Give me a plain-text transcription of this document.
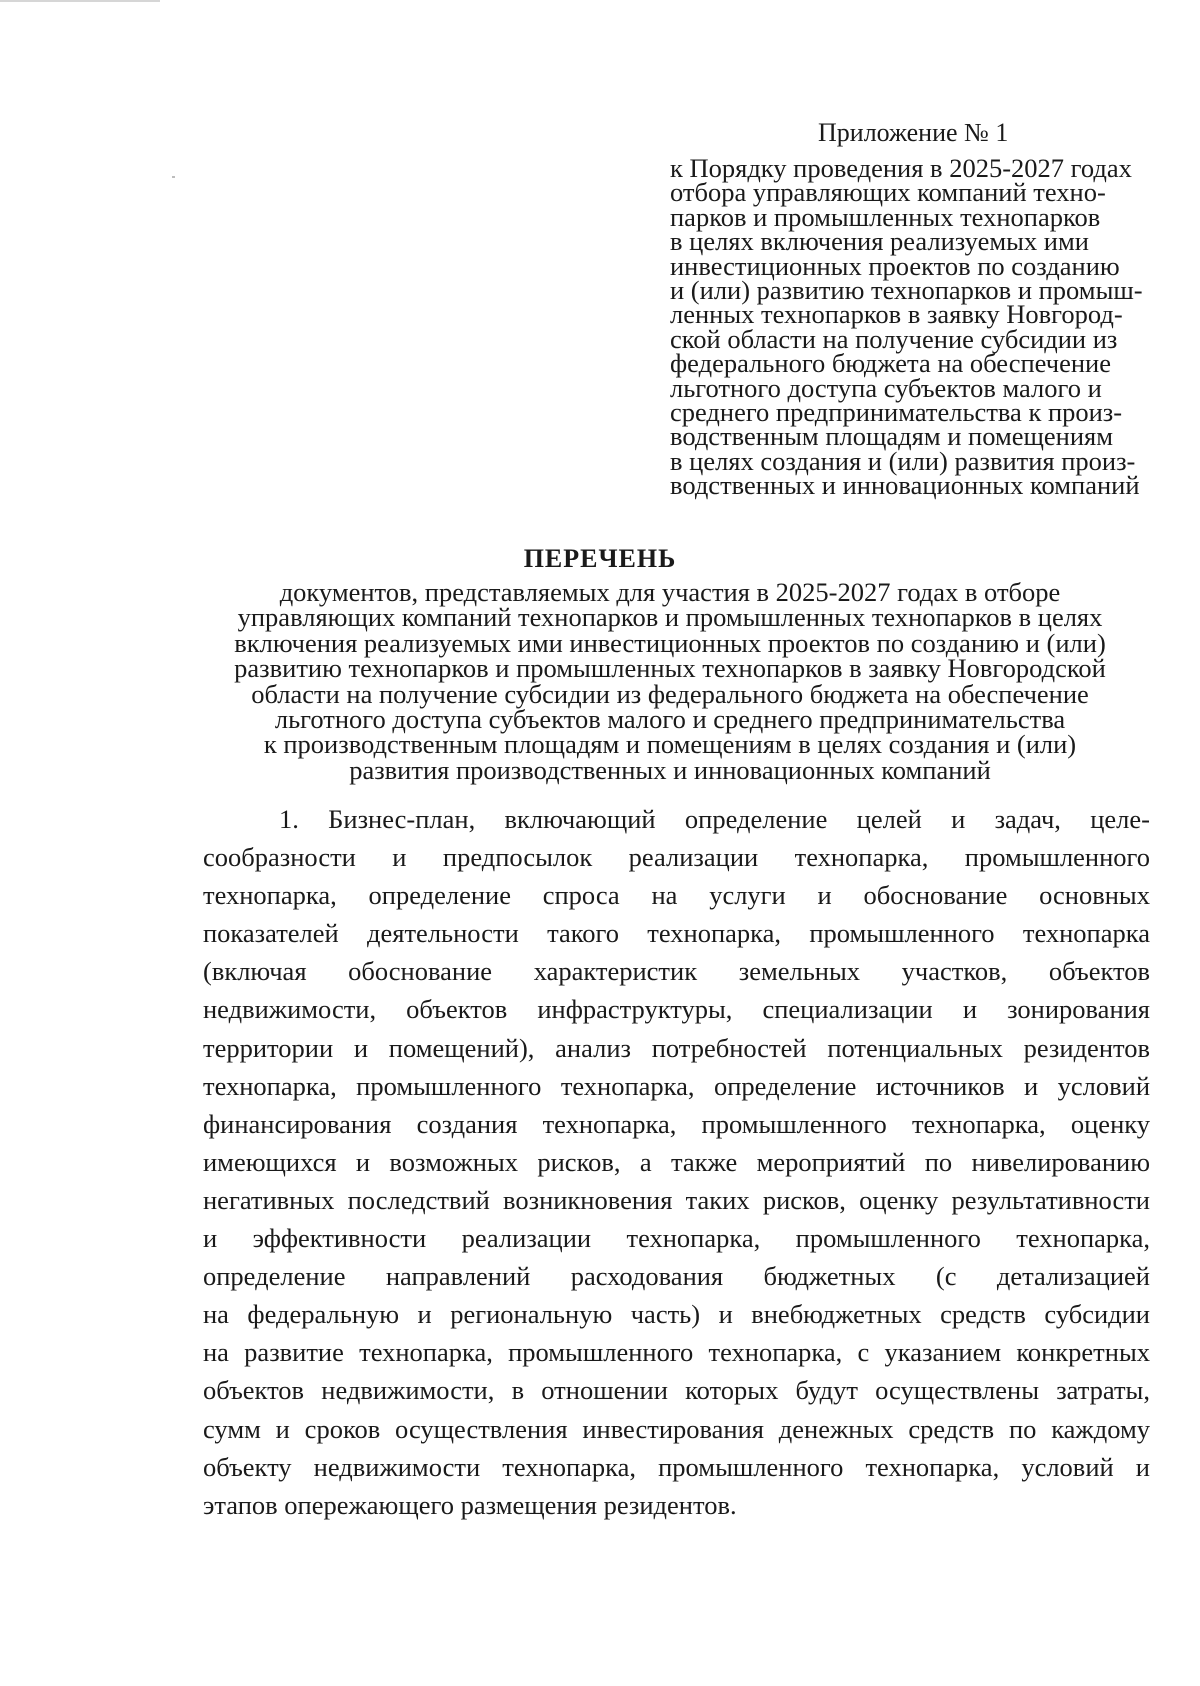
Приложение № 1
к Порядку проведения в 2025-2027 годах
отбора управляющих компаний техно-
парков и промышленных технопарков
в целях включения реализуемых ими
инвестиционных проектов по созданию
и (или) развитию технопарков и промыш-
ленных технопарков в заявку Новгород-
ской области на получение субсидии из
федерального бюджета на обеспечение
льготного доступа субъектов малого и
среднего предпринимательства к произ-
водственным площадям и помещениям
в целях создания и (или) развития произ-
водственных и инновационных компаний
ПЕРЕЧЕНЬ
документов, представляемых для участия в 2025-2027 годах в отборе
управляющих компаний технопарков и промышленных технопарков в целях
включения реализуемых ими инвестиционных проектов по созданию и (или)
развитию технопарков и промышленных технопарков в заявку Новгородской
области на получение субсидии из федерального бюджета на обеспечение
льготного доступа субъектов малого и среднего предпринимательства
к производственным площадям и помещениям в целях создания и (или)
развития производственных и инновационных компаний
1. Бизнес-план, включающий определение целей и задач, целе-
сообразности и предпосылок реализации технопарка, промышленного
технопарка, определение спроса на услуги и обоснование основных
показателей деятельности такого технопарка, промышленного технопарка
(включая обоснование характеристик земельных участков, объектов
недвижимости, объектов инфраструктуры, специализации и зонирования
территории и помещений), анализ потребностей потенциальных резидентов
технопарка, промышленного технопарка, определение источников и условий
финансирования создания технопарка, промышленного технопарка, оценку
имеющихся и возможных рисков, а также мероприятий по нивелированию
негативных последствий возникновения таких рисков, оценку результативности
и эффективности реализации технопарка, промышленного технопарка,
определение направлений расходования бюджетных (с детализацией
на федеральную и региональную часть) и внебюджетных средств субсидии
на развитие технопарка, промышленного технопарка, с указанием конкретных
объектов недвижимости, в отношении которых будут осуществлены затраты,
сумм и сроков осуществления инвестирования денежных средств по каждому
объекту недвижимости технопарка, промышленного технопарка, условий и
этапов опережающего размещения резидентов.
